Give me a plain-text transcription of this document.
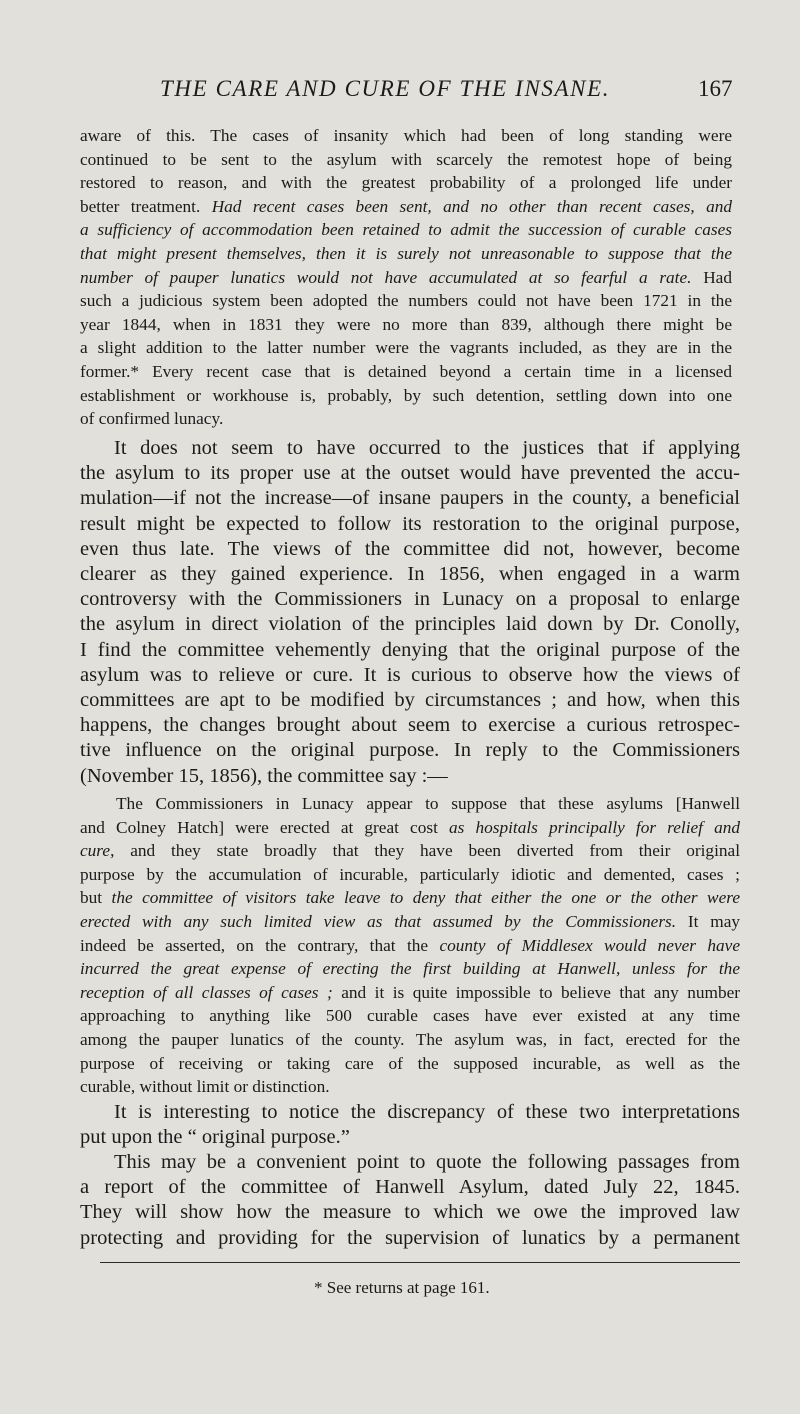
THE CARE AND CURE OF THE INSANE.	167
aware of this. The cases of insanity which had been of long standing were
continued to be sent to the asylum with scarcely the remotest hope of being
restored to reason, and with the greatest probability of a prolonged life under
better treatment. Had recent cases been sent, and no other than recent cases, and
a sufficiency of accommodation been retained to admit the succession of curable cases
that might present themselves, then it is surely not unreasonable to suppose that the
number of pauper lunatics would not have accumulated at so fearful a rate. Had
such a judicious system been adopted the numbers could not have been 1721 in the
year 1844, when in 1831 they were no more than 839, although there might be
a slight addition to the latter number were the vagrants included, as they are in the
former.* Every recent case that is detained beyond a certain time in a licensed
establishment or workhouse is, probably, by such detention, settling down into one
of confirmed lunacy.
It does not seem to have occurred to the justices that if applying
the asylum to its proper use at the outset would have prevented the accu-
mulation—if not the increase—of insane paupers in the county, a beneficial
result might be expected to follow its restoration to the original purpose,
even thus late. The views of the committee did not, however, become
clearer as they gained experience. In 1856, when engaged in a warm
controversy with the Commissioners in Lunacy on a proposal to enlarge
the asylum in direct violation of the principles laid down by Dr. Conolly,
I find the committee vehemently denying that the original purpose of the
asylum was to relieve or cure. It is curious to observe how the views of
committees are apt to be modified by circumstances ; and how, when this
happens, the changes brought about seem to exercise a curious retrospec-
tive influence on the original purpose. In reply to the Commissioners
(November 15, 1856), the committee say :—
The Commissioners in Lunacy appear to suppose that these asylums [Hanwell
and Colney Hatch] were erected at great cost as hospitals principally for relief and
cure, and they state broadly that they have been diverted from their original
purpose by the accumulation of incurable, particularly idiotic and demented, cases ;
but the committee of visitors take leave to deny that either the one or the other were
erected with any such limited view as that assumed by the Commissioners. It may
indeed be asserted, on the contrary, that the county of Middlesex would never have
incurred the great expense of erecting the first building at Hanwell, unless for the
reception of all classes of cases ; and it is quite impossible to believe that any number
approaching to anything like 500 curable cases have ever existed at any time
among the pauper lunatics of the county. The asylum was, in fact, erected for the
purpose of receiving or taking care of the supposed incurable, as well as the
curable, without limit or distinction.
It is interesting to notice the discrepancy of these two interpretations
put upon the “ original purpose.”
This may be a convenient point to quote the following passages from
a report of the committee of Hanwell Asylum, dated July 22, 1845.
They will show how the measure to which we owe the improved law
protecting and providing for the supervision of lunatics by a permanent
* See returns at page 161.
